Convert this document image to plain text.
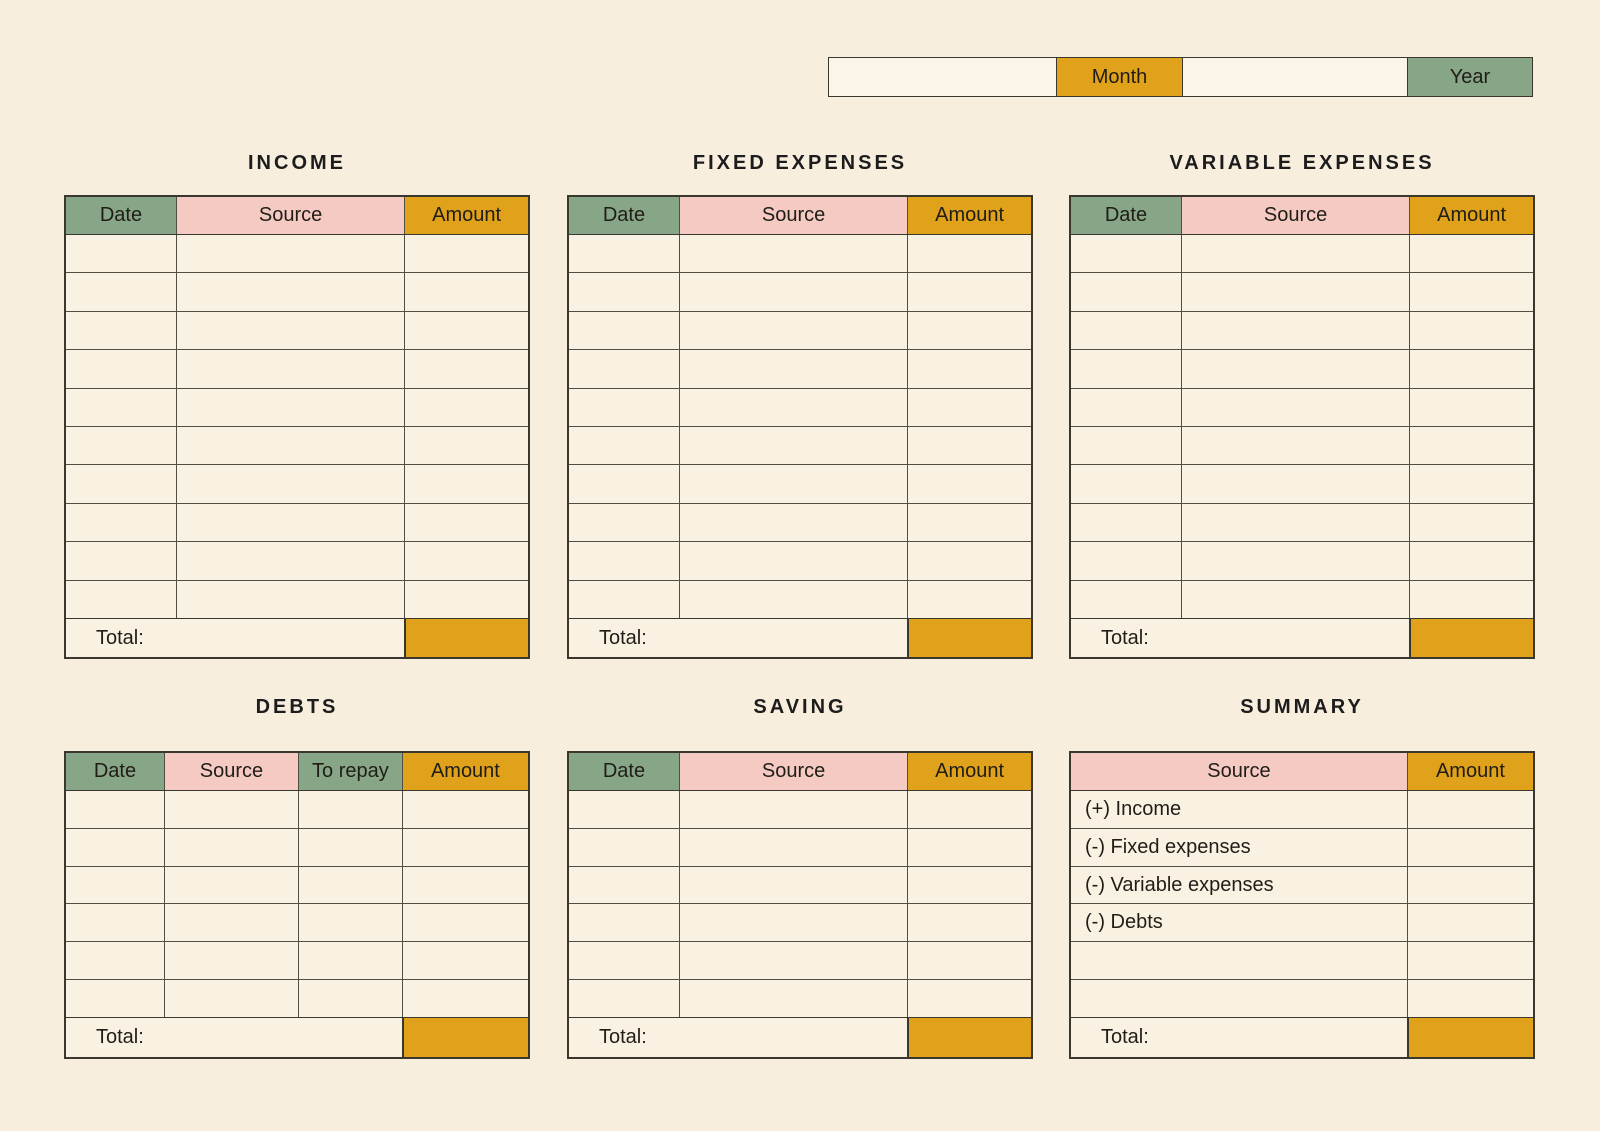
Month	Year
INCOME
Date	Source	Amount
Total:
FIXED EXPENSES
Date	Source	Amount
Total:
VARIABLE EXPENSES
Date	Source	Amount
Total:
DEBTS
Date	Source	To repay	Amount
Total:
SAVING
Date	Source	Amount
Total:
SUMMARY
Source	Amount
(+) Income
(-) Fixed expenses
(-) Variable expenses
(-) Debts
Total:
